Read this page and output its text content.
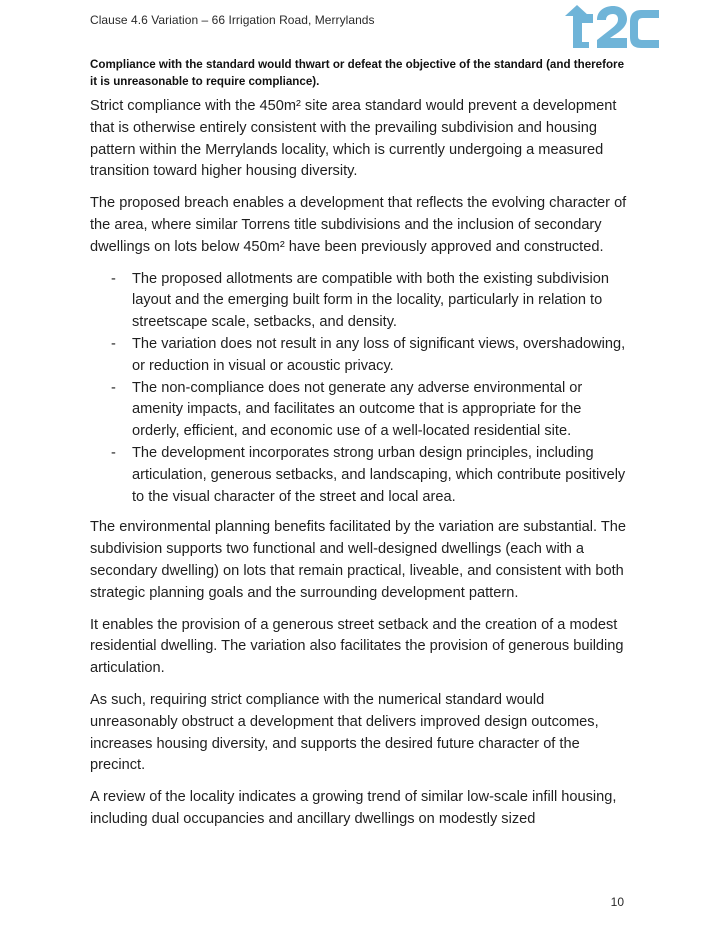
Clause 4.6 Variation – 66 Irrigation Road, Merrylands

Compliance with the standard would thwart or defeat the objective of the standard (and therefore it is unreasonable to require compliance).

Strict compliance with the 450m² site area standard would prevent a development that is otherwise entirely consistent with the prevailing subdivision and housing pattern within the Merrylands locality, which is currently undergoing a measured transition toward higher housing diversity.

The proposed breach enables a development that reflects the evolving character of the area, where similar Torrens title subdivisions and the inclusion of secondary dwellings on lots below 450m² have been previously approved and constructed.

- The proposed allotments are compatible with both the existing subdivision layout and the emerging built form in the locality, particularly in relation to streetscape scale, setbacks, and density.
- The variation does not result in any loss of significant views, overshadowing, or reduction in visual or acoustic privacy.
- The non-compliance does not generate any adverse environmental or amenity impacts, and facilitates an outcome that is appropriate for the orderly, efficient, and economic use of a well-located residential site.
- The development incorporates strong urban design principles, including articulation, generous setbacks, and landscaping, which contribute positively to the visual character of the street and local area.

The environmental planning benefits facilitated by the variation are substantial. The subdivision supports two functional and well-designed dwellings (each with a secondary dwelling) on lots that remain practical, liveable, and consistent with both strategic planning goals and the surrounding development pattern.

It enables the provision of a generous street setback and the creation of a modest residential dwelling. The variation also facilitates the provision of generous building articulation.

As such, requiring strict compliance with the numerical standard would unreasonably obstruct a development that delivers improved design outcomes, increases housing diversity, and supports the desired future character of the precinct.

A review of the locality indicates a growing trend of similar low-scale infill housing, including dual occupancies and ancillary dwellings on modestly sized

10
